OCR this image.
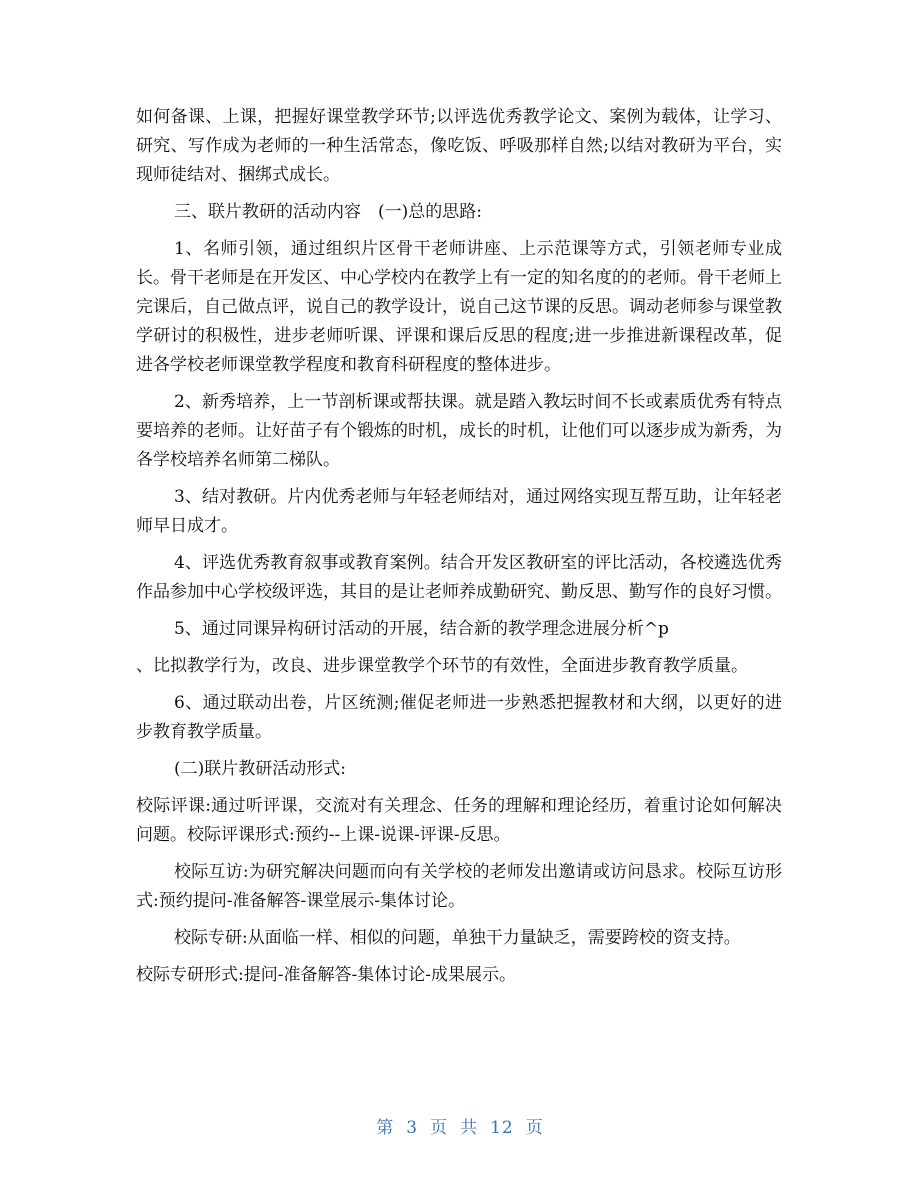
如何备课、上课，把握好课堂教学环节;以评选优秀教学论文、案例为载体，让学习、研究、写作成为老师的一种生活常态，像吃饭、呼吸那样自然;以结对教研为平台，实现师徒结对、捆绑式成长。

三、联片教研的活动内容　(一)总的思路:

1、名师引领，通过组织片区骨干老师讲座、上示范课等方式，引领老师专业成长。骨干老师是在开发区、中心学校内在教学上有一定的知名度的的老师。骨干老师上完课后，自己做点评，说自己的教学设计，说自己这节课的反思。调动老师参与课堂教学研讨的积极性，进步老师听课、评课和课后反思的程度;进一步推进新课程改革，促进各学校老师课堂教学程度和教育科研程度的整体进步。

2、新秀培养，上一节剖析课或帮扶课。就是踏入教坛时间不长或素质优秀有特点要培养的老师。让好苗子有个锻炼的时机，成长的时机，让他们可以逐步成为新秀，为各学校培养名师第二梯队。

3、结对教研。片内优秀老师与年轻老师结对，通过网络实现互帮互助，让年轻老师早日成才。

4、评选优秀教育叙事或教育案例。结合开发区教研室的评比活动，各校遴选优秀作品参加中心学校级评选，其目的是让老师养成勤研究、勤反思、勤写作的良好习惯。

5、通过同课异构研讨活动的开展，结合新的教学理念进展分析^p

、比拟教学行为，改良、进步课堂教学个环节的有效性，全面进步教育教学质量。

6、通过联动出卷，片区统测;催促老师进一步熟悉把握教材和大纲，以更好的进步教育教学质量。

(二)联片教研活动形式:

校际评课:通过听评课，交流对有关理念、任务的理解和理论经历，着重讨论如何解决问题。校际评课形式:预约--上课-说课-评课-反思。

校际互访:为研究解决问题而向有关学校的老师发出邀请或访问恳求。校际互访形式:预约提问-准备解答-课堂展示-集体讨论。

校际专研:从面临一样、相似的问题，单独干力量缺乏，需要跨校的资支持。

校际专研形式:提问-准备解答-集体讨论-成果展示。

第 3 页 共 12 页
